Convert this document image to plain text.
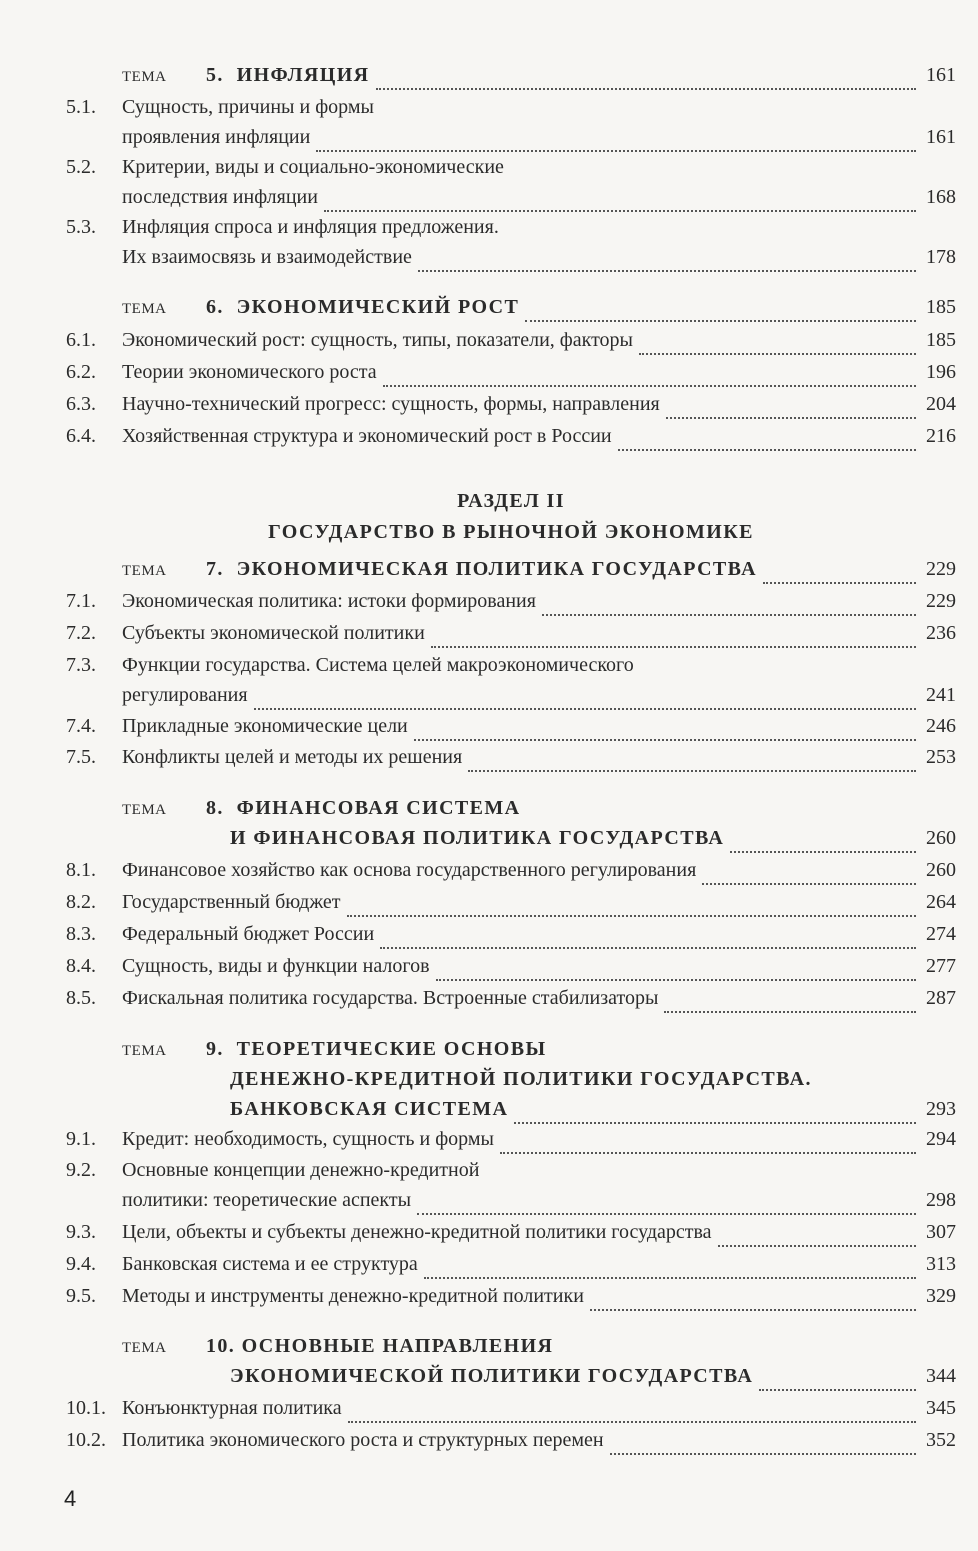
ТЕМА	5. ИНФЛЯЦИЯ	161
5.1.	Сущность, причины и формы
проявления инфляции	161
5.2.	Критерии, виды и социально-экономические
последствия инфляции	168
5.3.	Инфляция спроса и инфляция предложения.
Их взаимосвязь и взаимодействие	178
ТЕМА	6. ЭКОНОМИЧЕСКИЙ РОСТ	185
6.1.	Экономический рост: сущность, типы, показатели, факторы	185
6.2.	Теории экономического роста	196
6.3.	Научно-технический прогресс: сущность, формы, направления	204
6.4.	Хозяйственная структура и экономический рост в России	216
РАЗДЕЛ II
ГОСУДАРСТВО В РЫНОЧНОЙ ЭКОНОМИКЕ
ТЕМА	7. ЭКОНОМИЧЕСКАЯ ПОЛИТИКА ГОСУДАРСТВА	229
7.1.	Экономическая политика: истоки формирования	229
7.2.	Субъекты экономической политики	236
7.3.	Функции государства. Система целей макроэкономического
регулирования	241
7.4.	Прикладные экономические цели	246
7.5.	Конфликты целей и методы их решения	253
ТЕМА	8. ФИНАНСОВАЯ СИСТЕМА
И ФИНАНСОВАЯ ПОЛИТИКА ГОСУДАРСТВА	260
8.1.	Финансовое хозяйство как основа государственного регулирования	260
8.2.	Государственный бюджет	264
8.3.	Федеральный бюджет России	274
8.4.	Сущность, виды и функции налогов	277
8.5.	Фискальная политика государства. Встроенные стабилизаторы	287
ТЕМА	9. ТЕОРЕТИЧЕСКИЕ ОСНОВЫ
ДЕНЕЖНО-КРЕДИТНОЙ ПОЛИТИКИ ГОСУДАРСТВА.
БАНКОВСКАЯ СИСТЕМА	293
9.1.	Кредит: необходимость, сущность и формы	294
9.2.	Основные концепции денежно-кредитной
политики: теоретические аспекты	298
9.3.	Цели, объекты и субъекты денежно-кредитной политики государства	307
9.4.	Банковская система и ее структура	313
9.5.	Методы и инструменты денежно-кредитной политики	329
ТЕМА	10. ОСНОВНЫЕ НАПРАВЛЕНИЯ
ЭКОНОМИЧЕСКОЙ ПОЛИТИКИ ГОСУДАРСТВА	344
10.1. Конъюнктурная политика	345
10.2. Политика экономического роста и структурных перемен	352
4
